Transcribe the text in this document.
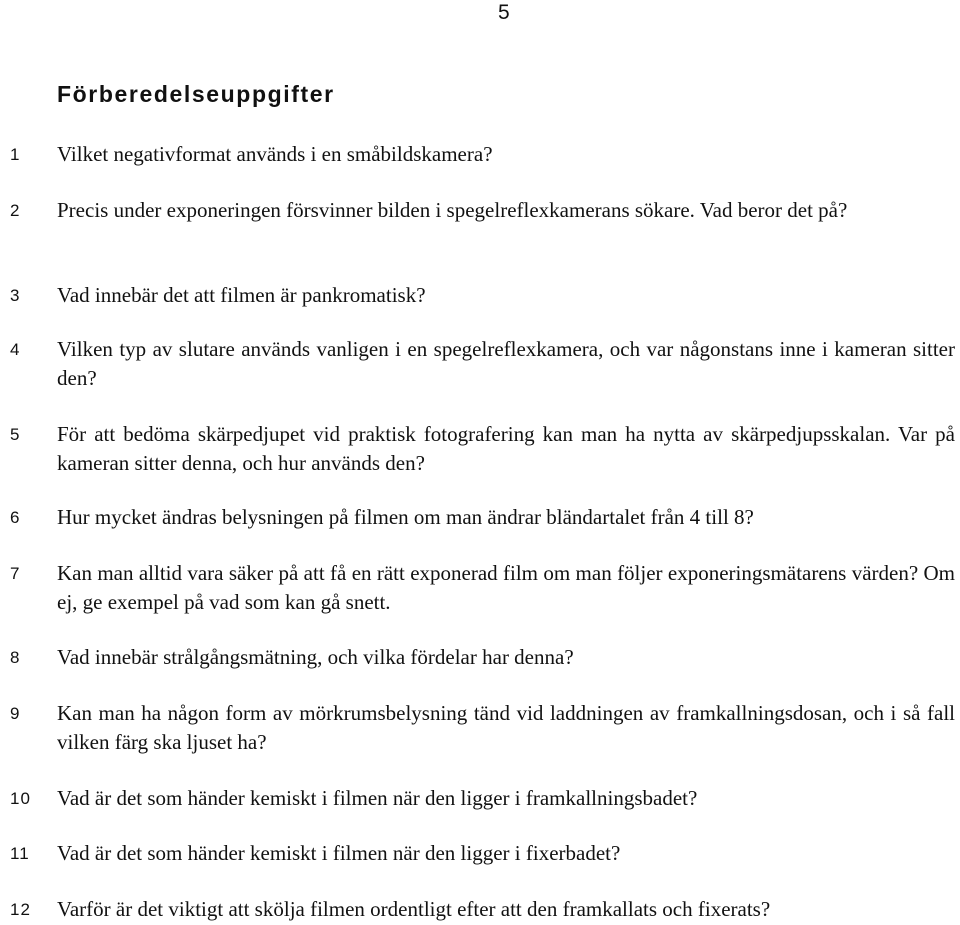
5
Förberedelseuppgifter
1	Vilket negativformat används i en småbildskamera?

2	Precis under exponeringen försvinner bilden i spegelreflexkamerans sökare. Vad beror det på?

3	Vad innebär det att filmen är pankromatisk?

4	Vilken typ av slutare används vanligen i en spegelreflexkamera, och var någonstans inne i kameran sitter den?

5	För att bedöma skärpedjupet vid praktisk fotografering kan man ha nytta av skärpedjupsskalan. Var på kameran sitter denna, och hur används den?

6	Hur mycket ändras belysningen på filmen om man ändrar bländartalet från 4 till 8?

7	Kan man alltid vara säker på att få en rätt exponerad film om man följer exponeringsmätarens värden? Om ej, ge exempel på vad som kan gå snett.

8	Vad innebär strålgångsmätning, och vilka fördelar har denna?

9	Kan man ha någon form av mörkrumsbelysning tänd vid laddningen av framkallningsdosan, och i så fall vilken färg ska ljuset ha?

10 Vad är det som händer kemiskt i filmen när den ligger i framkallningsbadet?

11 Vad är det som händer kemiskt i filmen när den ligger i fixerbadet?

12 Varför är det viktigt att skölja filmen ordentligt efter att den framkallats och fixerats?
